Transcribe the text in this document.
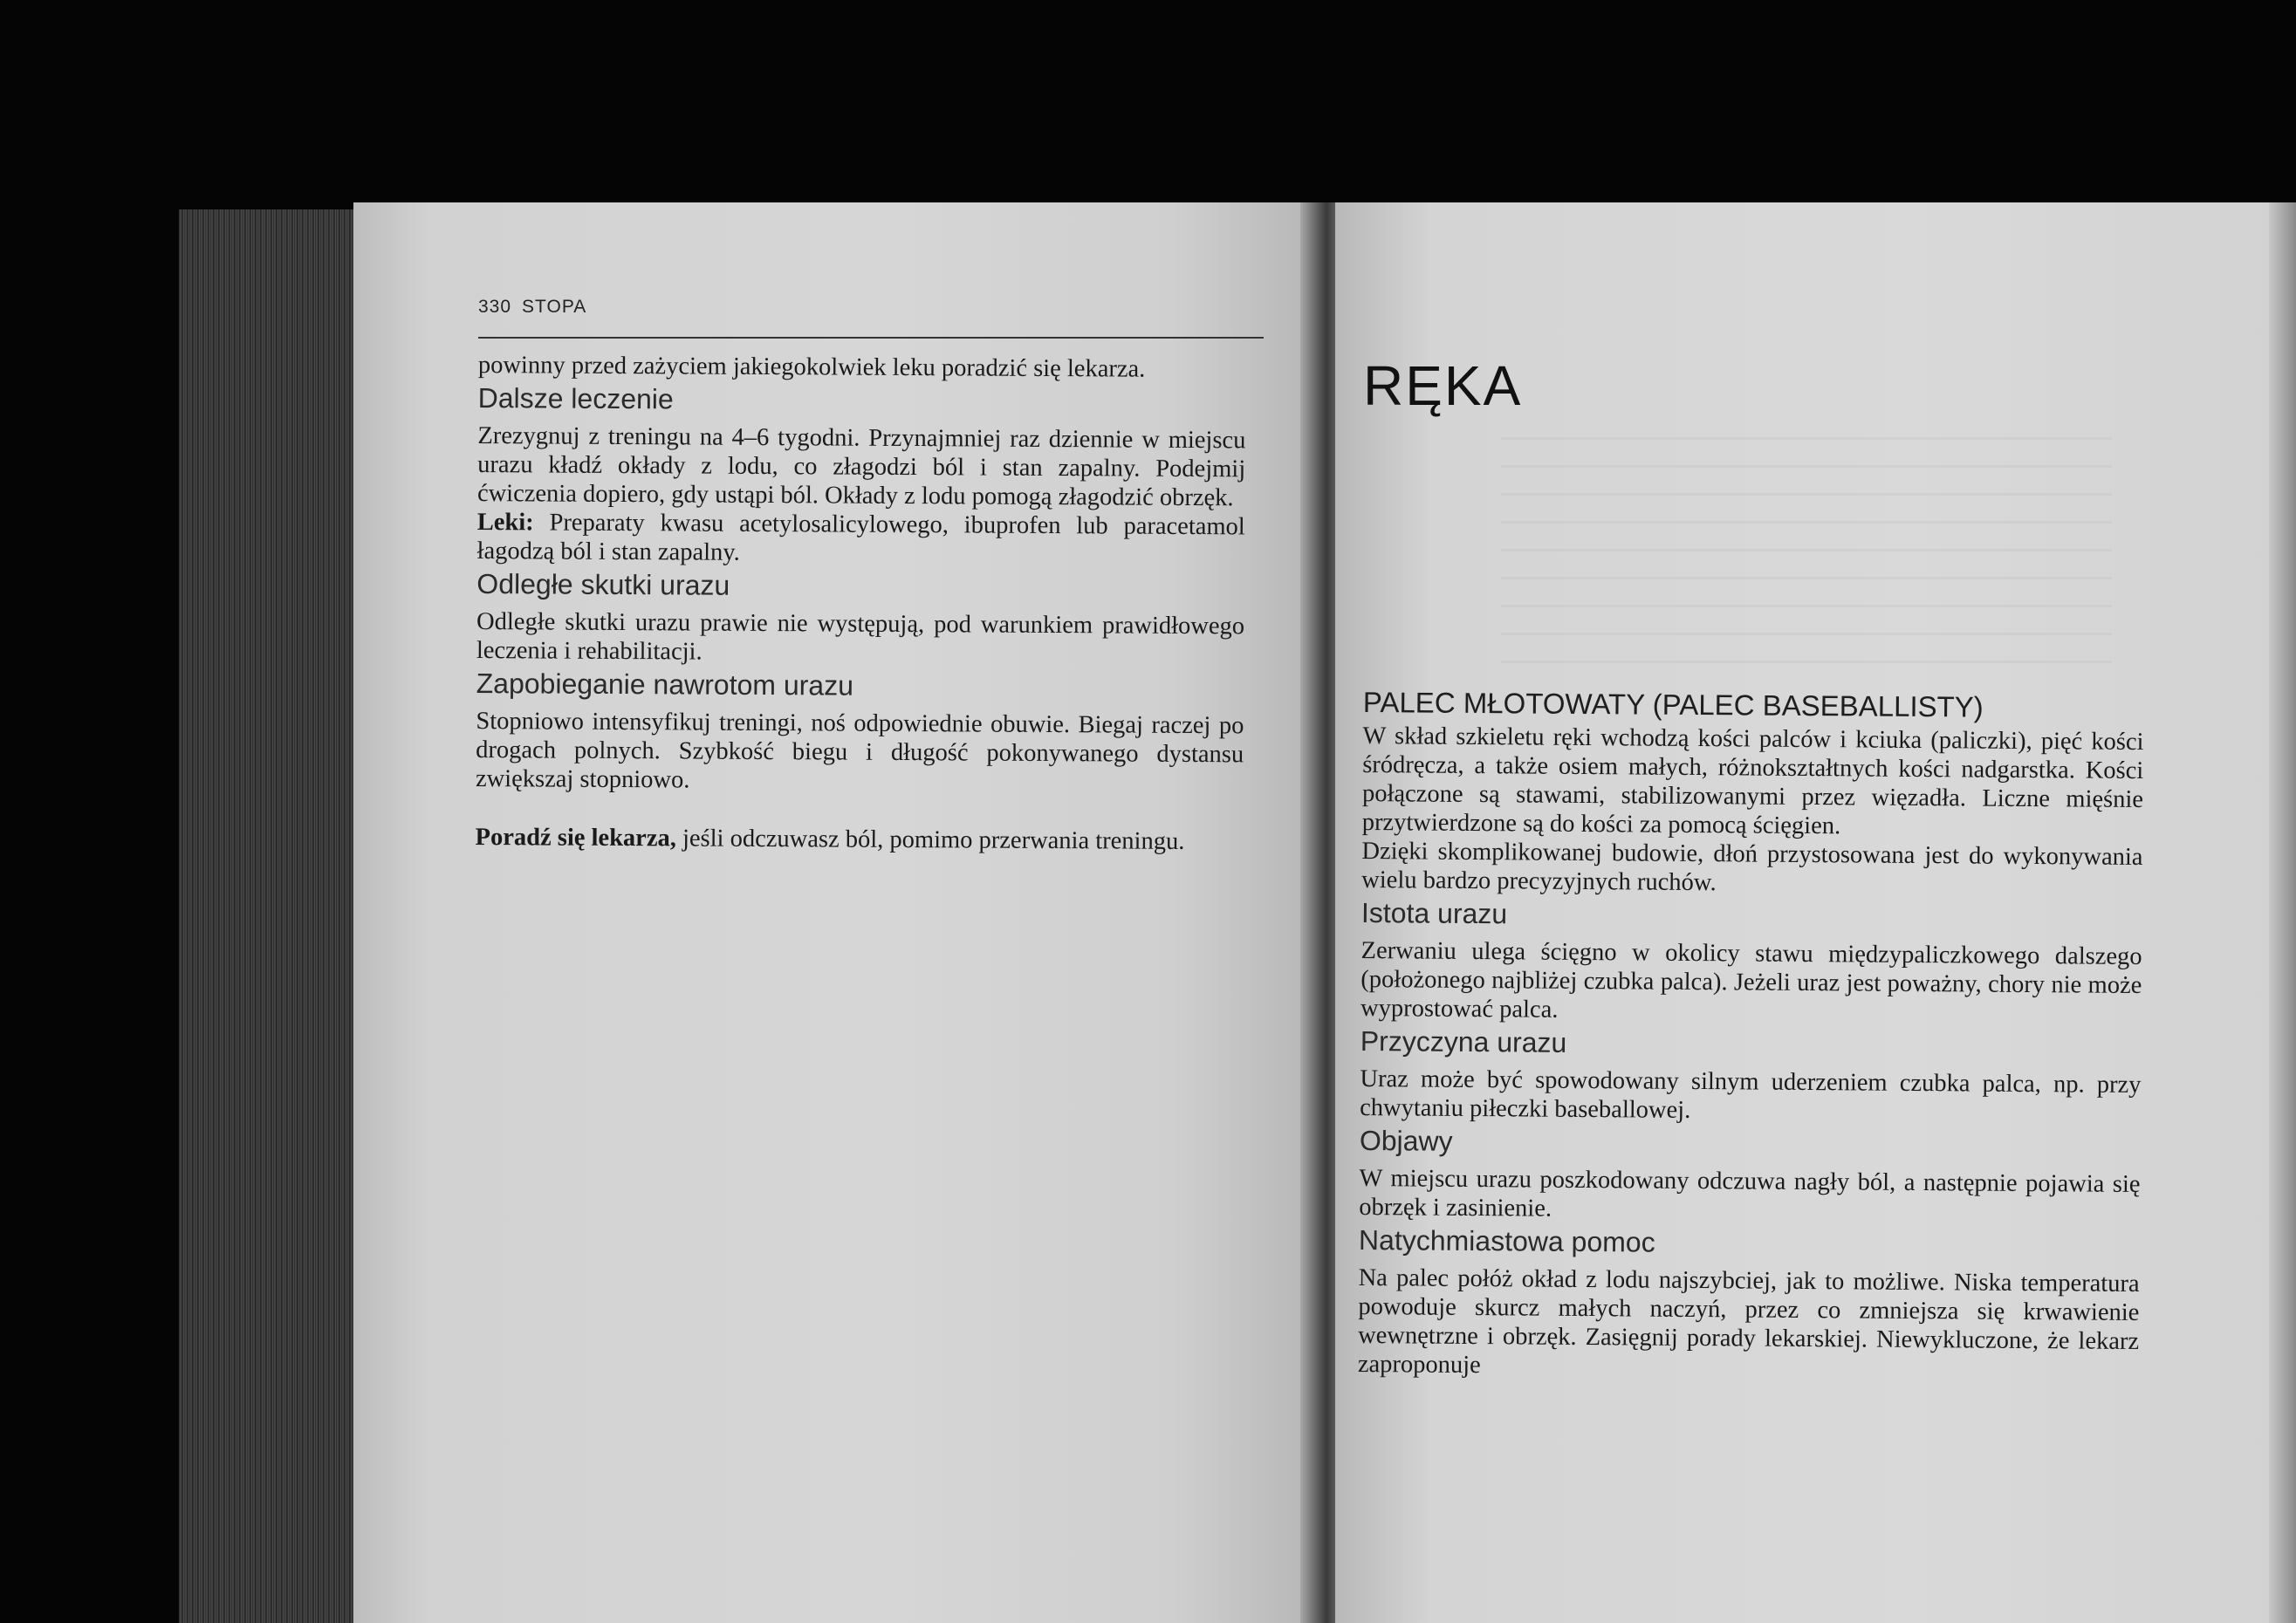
330 STOPA

powinny przed zażyciem jakiegokolwiek leku poradzić się lekarza.

Dalsze leczenie

Zrezygnuj z treningu na 4–6 tygodni. Przynajmniej raz dziennie w miejscu urazu kładź okłady z lodu, co złagodzi ból i stan zapalny. Podejmij ćwiczenia dopiero, gdy ustąpi ból. Okłady z lodu pomogą złagodzić obrzęk.

Leki: Preparaty kwasu acetylosalicylowego, ibuprofen lub paracetamol łagodzą ból i stan zapalny.

Odległe skutki urazu

Odległe skutki urazu prawie nie występują, pod warunkiem prawidłowego leczenia i rehabilitacji.

Zapobieganie nawrotom urazu

Stopniowo intensyfikuj treningi, noś odpowiednie obuwie. Biegaj raczej po drogach polnych. Szybkość biegu i długość pokonywanego dystansu zwiększaj stopniowo.

Poradź się lekarza, jeśli odczuwasz ból, pomimo przerwania treningu.

RĘKA
PALEC MŁOTOWATY (PALEC BASEBALLISTY)

W skład szkieletu ręki wchodzą kości palców i kciuka (paliczki), pięć kości śródręcza, a także osiem małych, różnokształtnych kości nadgarstka. Kości połączone są stawami, stabilizowanymi przez więzadła. Liczne mięśnie przytwierdzone są do kości za pomocą ścięgien.

Dzięki skomplikowanej budowie, dłoń przystosowana jest do wykonywania wielu bardzo precyzyjnych ruchów.

Istota urazu

Zerwaniu ulega ścięgno w okolicy stawu międzypaliczkowego dalszego (położonego najbliżej czubka palca). Jeżeli uraz jest poważny, chory nie może wyprostować palca.

Przyczyna urazu

Uraz może być spowodowany silnym uderzeniem czubka palca, np. przy chwytaniu piłeczki baseballowej.

Objawy

W miejscu urazu poszkodowany odczuwa nagły ból, a następnie pojawia się obrzęk i zasinienie.

Natychmiastowa pomoc

Na palec połóż okład z lodu najszybciej, jak to możliwe. Niska temperatura powoduje skurcz małych naczyń, przez co zmniejsza się krwawienie wewnętrzne i obrzęk. Zasięgnij porady lekarskiej. Niewykluczone, że lekarz zaproponuje
